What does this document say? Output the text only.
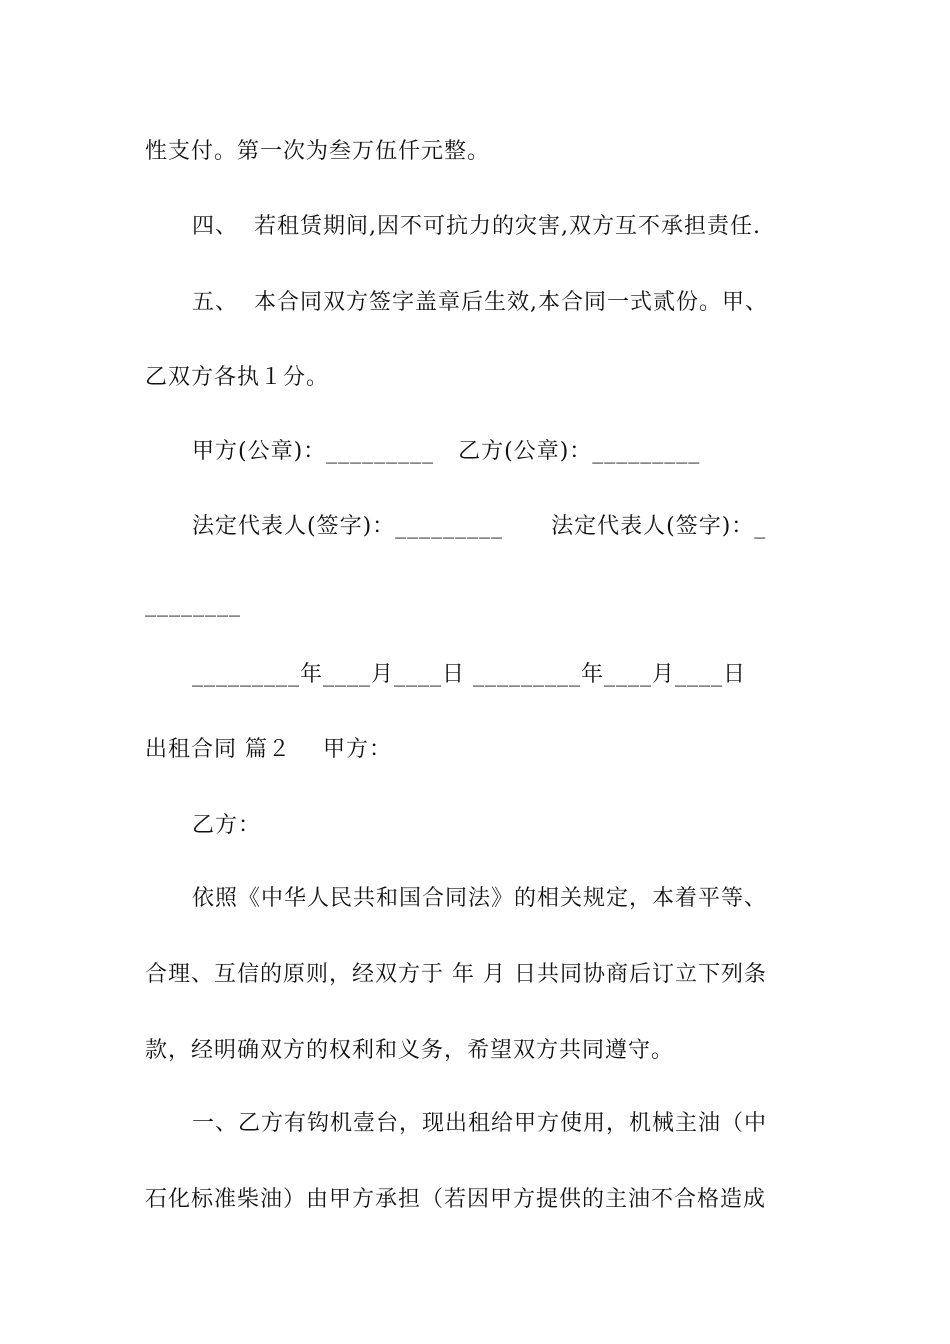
性支付。第一次为叁万伍仟元整。
四、  若租赁期间,因不可抗力的灾害,双方互不承担责任.
五、  本合同双方签字盖章后生效,本合同一式贰份。甲、
乙双方各执１分。
甲方(公章)：_________   乙方(公章)：_________
法定代表人(签字)：_________      法定代表人(签字)：_
________
_________年____月____日 _________年____月____日
出租合同 篇２    甲方：
乙方：
依照《中华人民共和国合同法》的相关规定，本着平等、
合理、互信的原则，经双方于 年 月 日共同协商后订立下列条
款，经明确双方的权利和义务，希望双方共同遵守。
一、乙方有钩机壹台，现出租给甲方使用，机械主油（中
石化标准柴油）由甲方承担（若因甲方提供的主油不合格造成
